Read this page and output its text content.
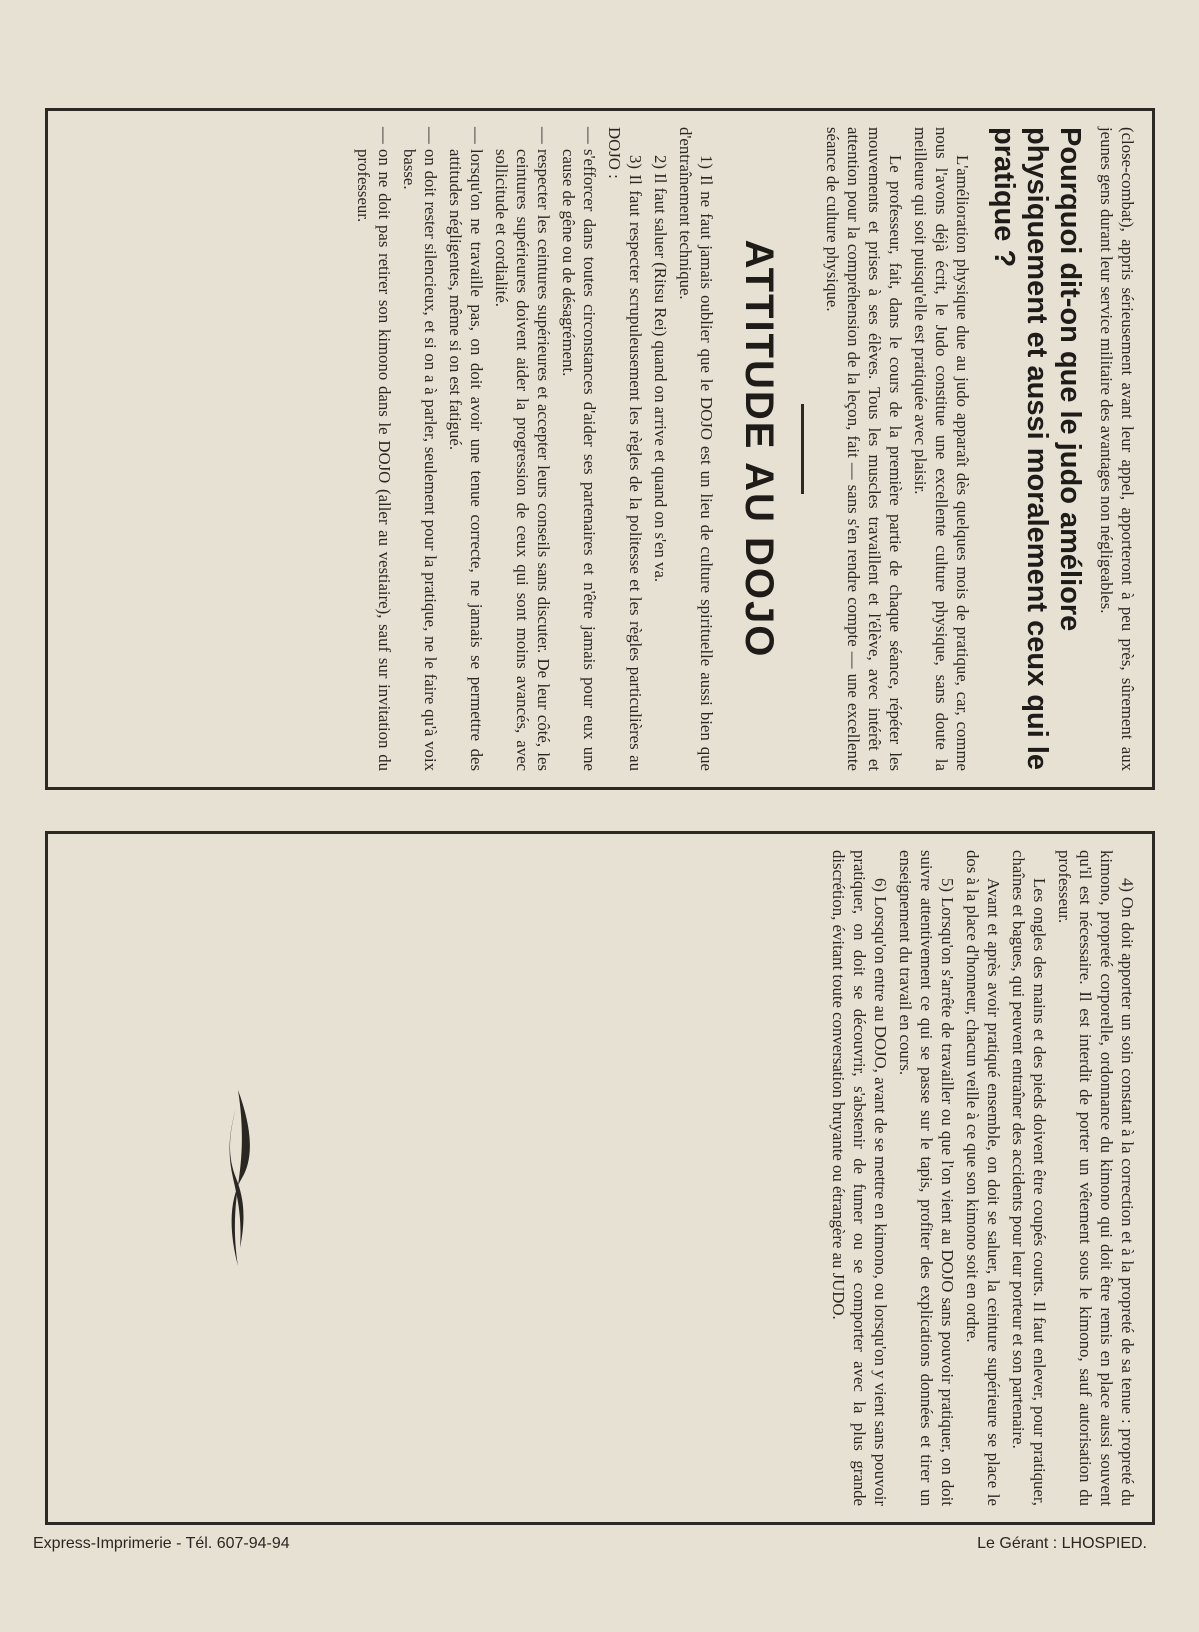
(close-combat), appris sérieusement avant leur appel, apporteront à peu près, sûrement aux jeunes gens durant leur service militaire des avantages non négligeables.

Pourquoi dit-on que le judo améliore physiquement et aussi moralement ceux qui le pratique ?

L'amélioration physique due au judo apparaît dès quelques mois de pratique, car, comme nous l'avons déjà écrit, le Judo constitue une excellente culture physique, sans doute la meilleure qui soit puisqu'elle est pratiquée avec plaisir.

Le professeur, fait, dans le cours de la première partie de chaque séance, répéter les mouvements et prises à ses élèves. Tous les muscles travaillent et l'élève, avec intérêt et attention pour la compréhension de la leçon, fait — sans s'en rendre compte — une excellente séance de culture physique.

ATTITUDE AU DOJO

1) Il ne faut jamais oublier que le DOJO est un lieu de culture spirituelle aussi bien que d'entraînement technique.

2) Il faut saluer (Ritsu Rei) quand on arrive et quand on s'en va.

3) Il faut respecter scrupuleusement les règles de la politesse et les règles particulières au DOJO :

— s'efforcer dans toutes circonstances d'aider ses partenaires et n'être jamais pour eux une cause de gêne ou de désagrément.

— respecter les ceintures supérieures et accepter leurs conseils sans discuter. De leur côté, les ceintures supérieures doivent aider la progression de ceux qui sont moins avancés, avec sollicitude et cordialité.

— lorsqu'on ne travaille pas, on doit avoir une tenue correcte, ne jamais se permettre des attitudes négligentes, même si on est fatigué.

— on doit rester silencieux, et si on a à parler, seulement pour la pratique, ne le faire qu'à voix basse.

— on ne doit pas retirer son kimono dans le DOJO (aller au vestiaire), sauf sur invitation du professeur.

4) On doit apporter un soin constant à la correction et à la propreté de sa tenue : propreté du kimono, propreté corporelle, ordonnance du kimono qui doit être remis en place aussi souvent qu'il est nécessaire. Il est interdit de porter un vêtement sous le kimono, sauf autorisation du professeur.

Les ongles des mains et des pieds doivent être coupés courts. Il faut enlever, pour pratiquer, chaînes et bagues, qui peuvent entraîner des accidents pour leur porteur et son partenaire.

Avant et après avoir pratiqué ensemble, on doit se saluer, la ceinture supérieure se place le dos à la place d'honneur, chacun veille à ce que son kimono soit en ordre.

5) Lorsqu'on s'arrête de travailler ou que l'on vient au DOJO sans pouvoir pratiquer, on doit suivre attentivement ce qui se passe sur le tapis, profiter des explications données et tirer un enseignement du travail en cours.

6) Lorsqu'on entre au DOJO, avant de se mettre en kimono, ou lorsqu'on y vient sans pouvoir pratiquer, on doit se découvrir, s'abstenir de fumer ou se comporter avec la plus grande discrétion, évitant toute conversation bruyante ou étrangère au JUDO.

Express-Imprimerie - Tél. 607-94-94	Le Gérant : LHOSPIED.
